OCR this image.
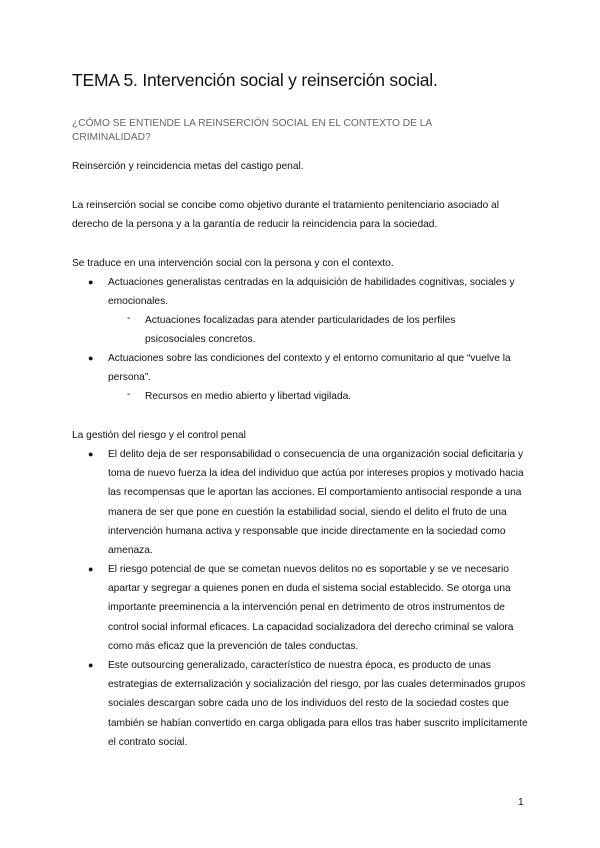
TEMA 5. Intervención social y reinserción social.

¿CÓMO SE ENTIENDE LA REINSERCIÓN SOCIAL EN EL CONTEXTO DE LA CRIMINALIDAD?

Reinserción y reincidencia metas del castigo penal.

La reinserción social se concibe como objetivo durante el tratamiento penitenciario asociado al derecho de la persona y a la garantía de reducir la reincidencia para la sociedad.

Se traduce en una intervención social con la persona y con el contexto.

● Actuaciones generalistas centradas en la adquisición de habilidades cognitivas, sociales y emocionales.

- Actuaciones focalizadas para atender particularidades de los perfiles psicosociales concretos.

● Actuaciones sobre las condiciones del contexto y el entorno comunitario al que “vuelve la persona”.

- Recursos en medio abierto y libertad vigilada.

La gestión del riesgo y el control penal

● El delito deja de ser responsabilidad o consecuencia de una organización social deficitaria y toma de nuevo fuerza la idea del individuo que actúa por intereses propios y motivado hacia las recompensas que le aportan las acciones. El comportamiento antisocial responde a una manera de ser que pone en cuestión la estabilidad social, siendo el delito el fruto de una intervención humana activa y responsable que incide directamente en la sociedad como amenaza.

● El riesgo potencial de que se cometan nuevos delitos no es soportable y se ve necesario apartar y segregar a quienes ponen en duda el sistema social establecido. Se otorga una importante preeminencia a la intervención penal en detrimento de otros instrumentos de control social informal eficaces. La capacidad socializadora del derecho criminal se valora como más eficaz que la prevención de tales conductas.

● Este outsourcing generalizado, característico de nuestra época, es producto de unas estrategias de externalización y socialización del riesgo, por las cuales determinados grupos sociales descargan sobre cada uno de los individuos del resto de la sociedad costes que también se habían convertido en carga obligada para ellos tras haber suscrito implícitamente el contrato social.

1
